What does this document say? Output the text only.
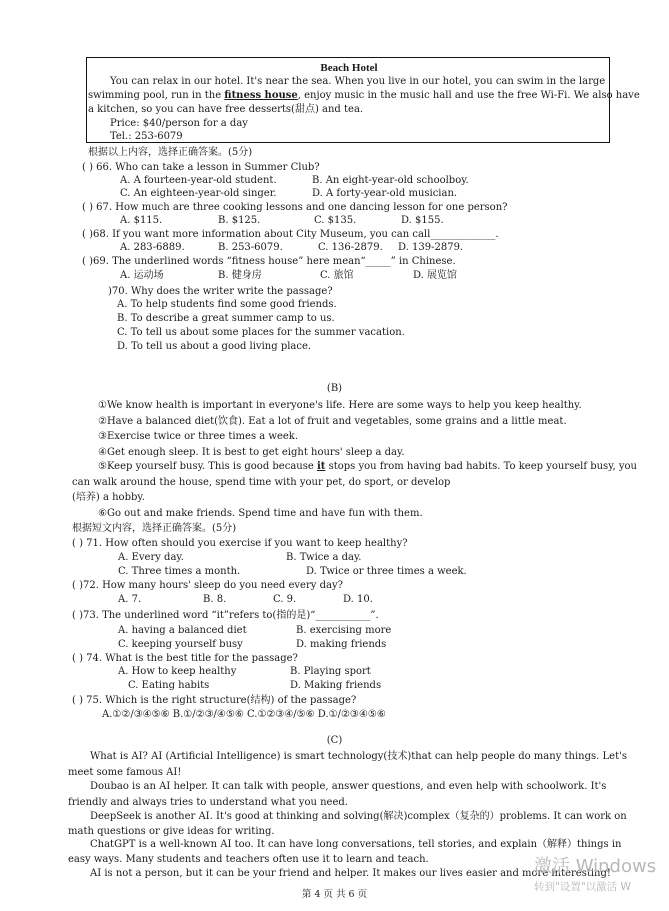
Beach Hotel
You can relax in our hotel. It's near the sea. When you live in our hotel, you can swim in the large
swimming pool, run in the fitness house, enjoy music in the music hall and use the free Wi-Fi. We also have
a kitchen, so you can have free desserts(甜点) and tea.
Price: $40/person for a day
Tel.: 253-6079
根据以上内容，选择正确答案。(5分)
( ) 66. Who can take a lesson in Summer Club?
A. A fourteen-year-old student.	B. An eight-year-old schoolboy.
C. An eighteen-year-old singer.	D. A forty-year-old musician.
( ) 67. How much are three cooking lessons and one dancing lesson for one person?
A. $115.	B. $125.	C. $135.	D. $155.
( )68. If you want more information about City Museum, you can call_____________.
A. 283-6889.	B. 253-6079.	C. 136-2879. D. 139-2879.
( )69. The underlined words “fitness house” here mean“_____” in Chinese.
A. 运动场	B. 健身房	C. 旅馆	D. 展览馆
)70. Why does the writer write the passage?
A. To help students find some good friends.
B. To describe a great summer camp to us.
C. To tell us about some places for the summer vacation.
D. To tell us about a good living place.
(B)
①We know health is important in everyone's life. Here are some ways to help you keep healthy.
②Have a balanced diet(饮食). Eat a lot of fruit and vegetables, some grains and a little meat.
③Exercise twice or three times a week.
④Get enough sleep. It is best to get eight hours' sleep a day.
⑤Keep yourself busy. This is good because it stops you from having bad habits. To keep yourself busy, you
can walk around the house, spend time with your pet, do sport, or develop
(培养) a hobby.
⑥Go out and make friends. Spend time and have fun with them.
根据短文内容，选择正确答案。(5分)
( ) 71. How often should you exercise if you want to keep healthy?
A. Every day.	B. Twice a day.
C. Three times a month.	D. Twice or three times a week.
( )72. How many hours' sleep do you need every day?
A. 7.	B. 8.	C. 9.	D. 10.
( )73. The underlined word “it”refers to(指的是)“___________”.
A. having a balanced diet	B. exercising more
C. keeping yourself busy	D. making friends
( ) 74. What is the best title for the passage?
A. How to keep healthy	B. Playing sport
C. Eating habits	D. Making friends
( ) 75. Which is the right structure(结构) of the passage?
A.①②/③④⑤⑥ B.①/②③/④⑤⑥ C.①②③④/⑤⑥ D.①/②③④⑤⑥
(C)
What is AI? AI (Artificial Intelligence) is smart technology(技术)that can help people do many things. Let's
meet some famous AI!
Doubao is an AI helper. It can talk with people, answer questions, and even help with schoolwork. It's
friendly and always tries to understand what you need.
DeepSeek is another AI. It's good at thinking and solving(解决)complex（复杂的）problems. It can work on
math questions or give ideas for writing.
ChatGPT is a well-known AI too. It can have long conversations, tell stories, and explain（解释）things in
easy ways. Many students and teachers often use it to learn and teach.
AI is not a person, but it can be your friend and helper. It makes our lives easier and more interesting!
第 4 页 共 6 页
激活 Windows
转到"设置"以激活 W
